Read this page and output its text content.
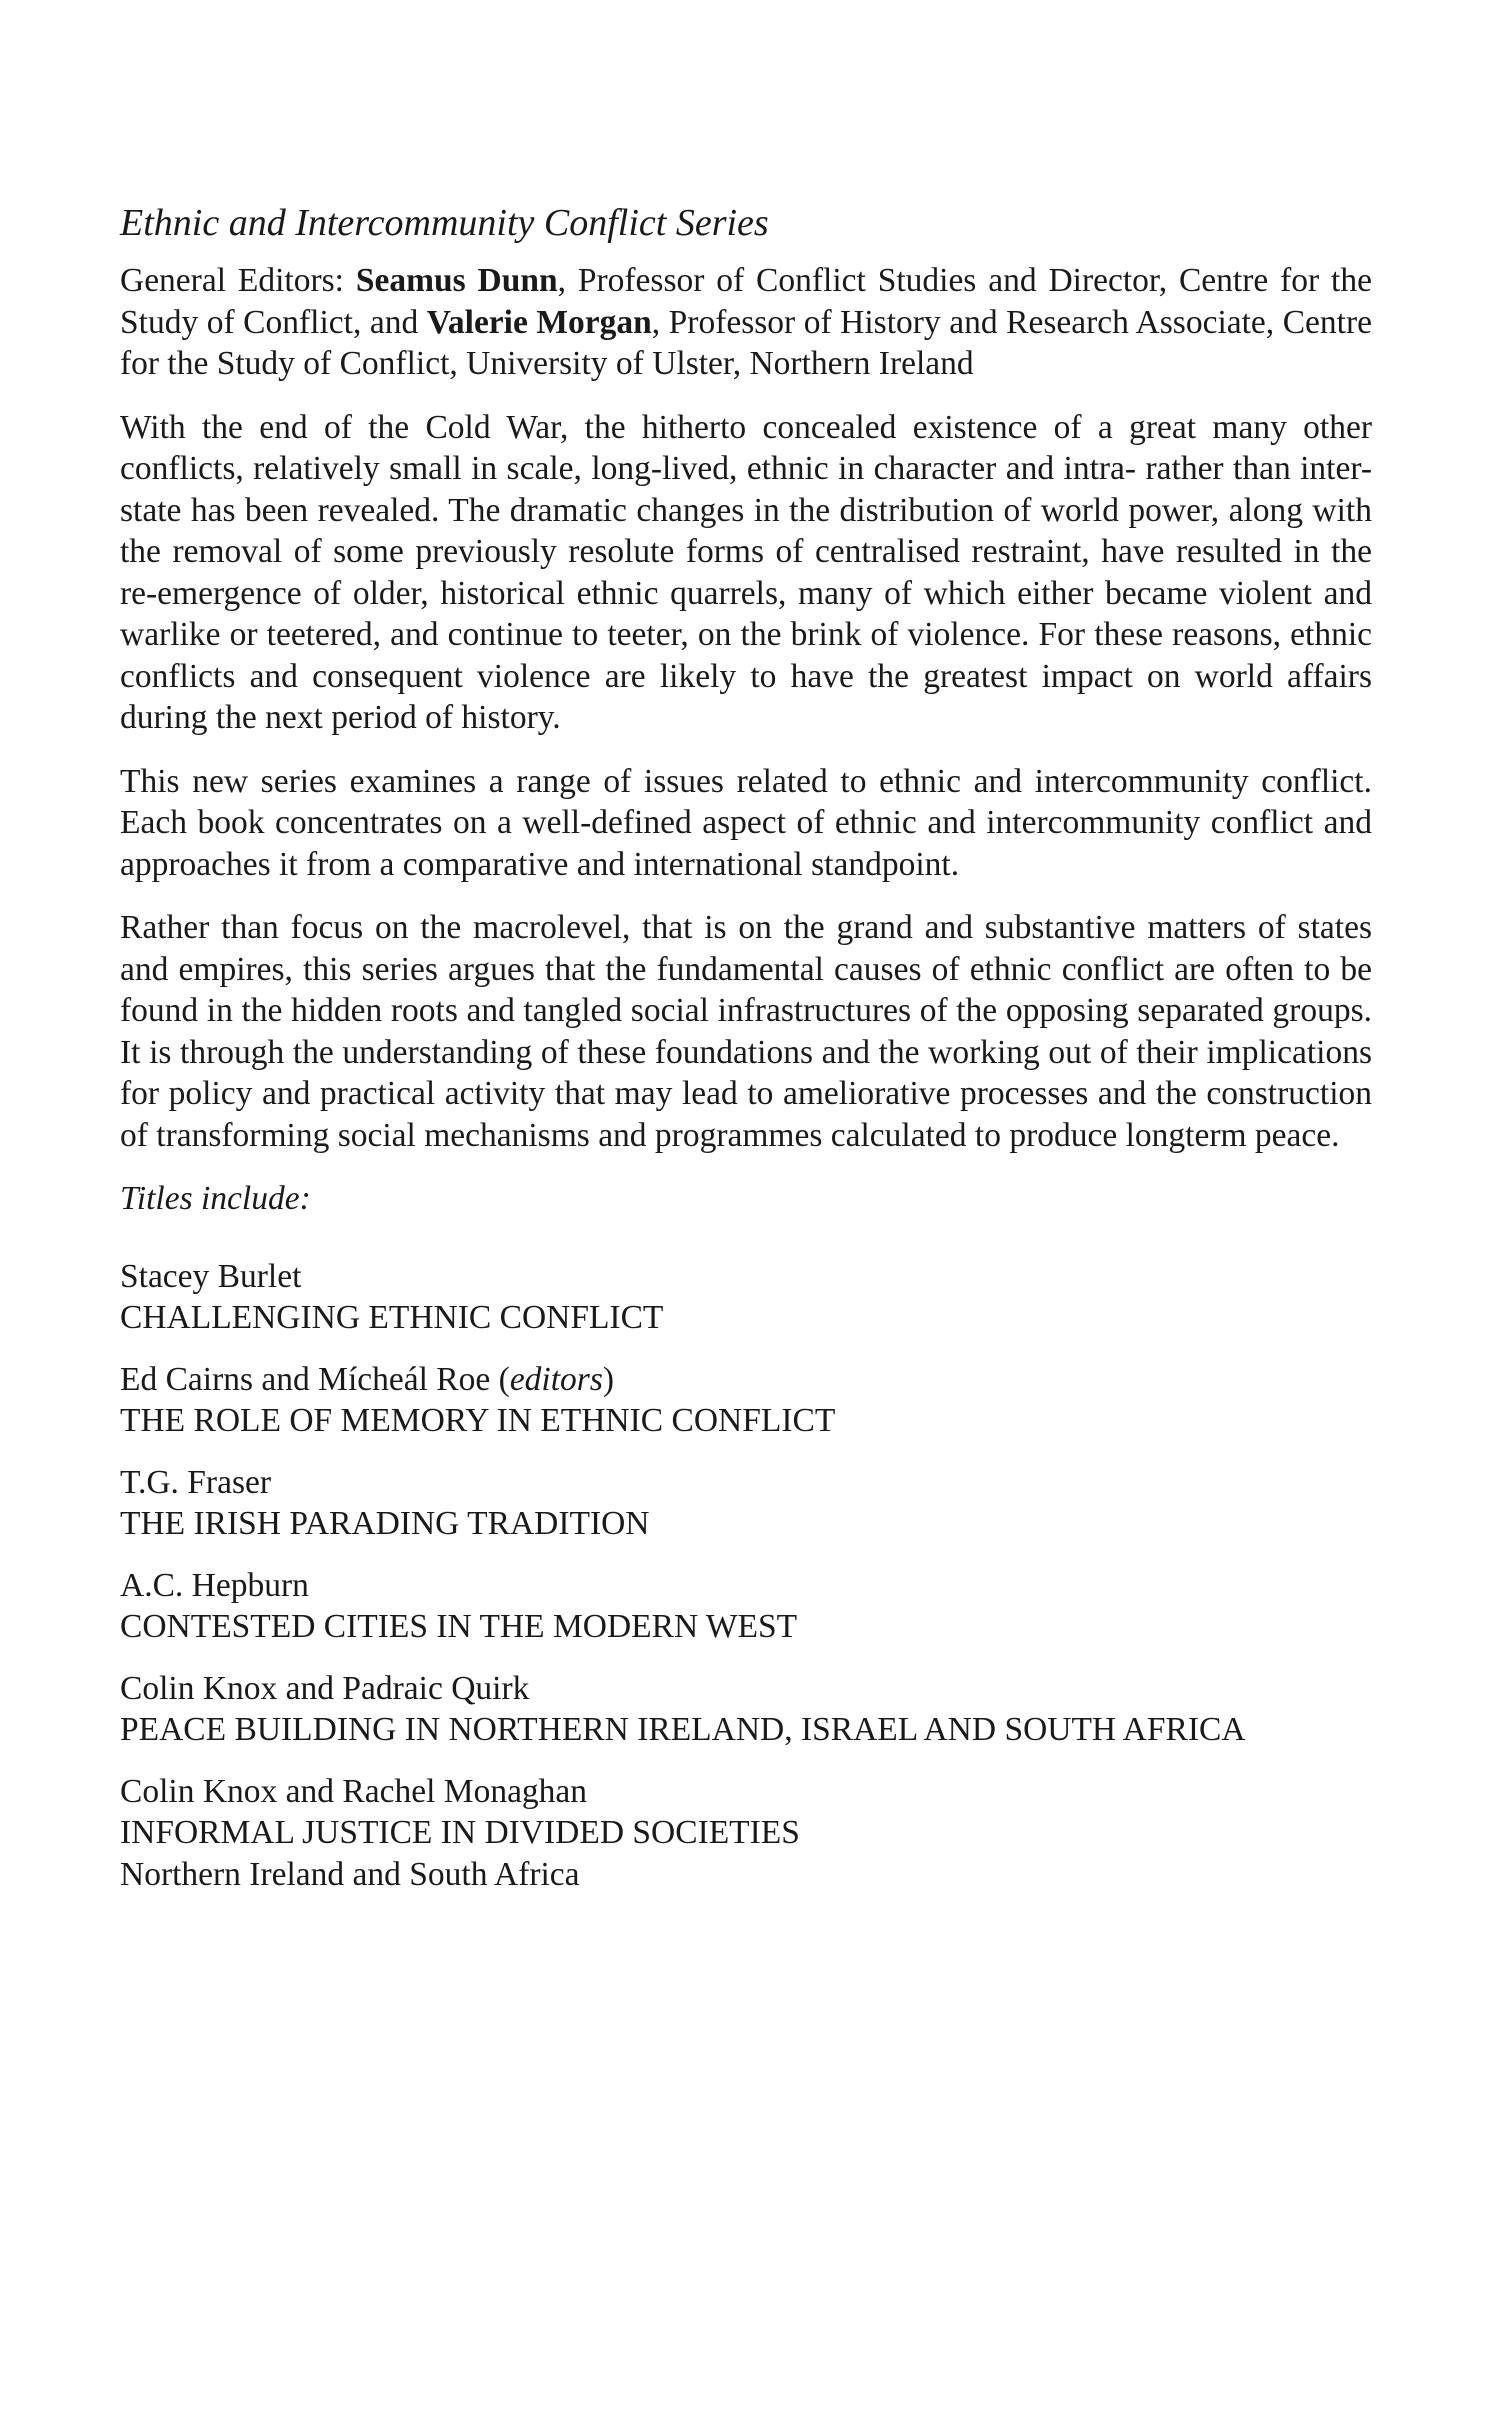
Ethnic and Intercommunity Conflict Series

General Editors: Seamus Dunn, Professor of Conflict Studies and Director, Centre for the Study of Conflict, and Valerie Morgan, Professor of History and Research Associate, Centre for the Study of Conflict, University of Ulster, Northern Ireland

With the end of the Cold War, the hitherto concealed existence of a great many other conflicts, relatively small in scale, long-lived, ethnic in character and intra- rather than inter-state has been revealed. The dramatic changes in the distribution of world power, along with the removal of some previously resolute forms of centralised restraint, have resulted in the re-emergence of older, historical ethnic quarrels, many of which either became violent and warlike or teetered, and continue to teeter, on the brink of violence. For these reasons, ethnic conflicts and consequent violence are likely to have the greatest impact on world affairs during the next period of history.

This new series examines a range of issues related to ethnic and intercommunity conflict. Each book concentrates on a well-defined aspect of ethnic and intercommunity conflict and approaches it from a comparative and international standpoint.

Rather than focus on the macrolevel, that is on the grand and substantive matters of states and empires, this series argues that the fundamental causes of ethnic conflict are often to be found in the hidden roots and tangled social infrastructures of the opposing separated groups. It is through the understanding of these foundations and the working out of their implications for policy and practical activity that may lead to ameliorative processes and the construction of transforming social mechanisms and programmes calculated to produce longterm peace.

Titles include:
Stacey Burlet
CHALLENGING ETHNIC CONFLICT
Ed Cairns and Mícheál Roe (editors)
THE ROLE OF MEMORY IN ETHNIC CONFLICT
T.G. Fraser
THE IRISH PARADING TRADITION
A.C. Hepburn
CONTESTED CITIES IN THE MODERN WEST
Colin Knox and Padraic Quirk
PEACE BUILDING IN NORTHERN IRELAND, ISRAEL AND SOUTH AFRICA
Colin Knox and Rachel Monaghan
INFORMAL JUSTICE IN DIVIDED SOCIETIES
Northern Ireland and South Africa
